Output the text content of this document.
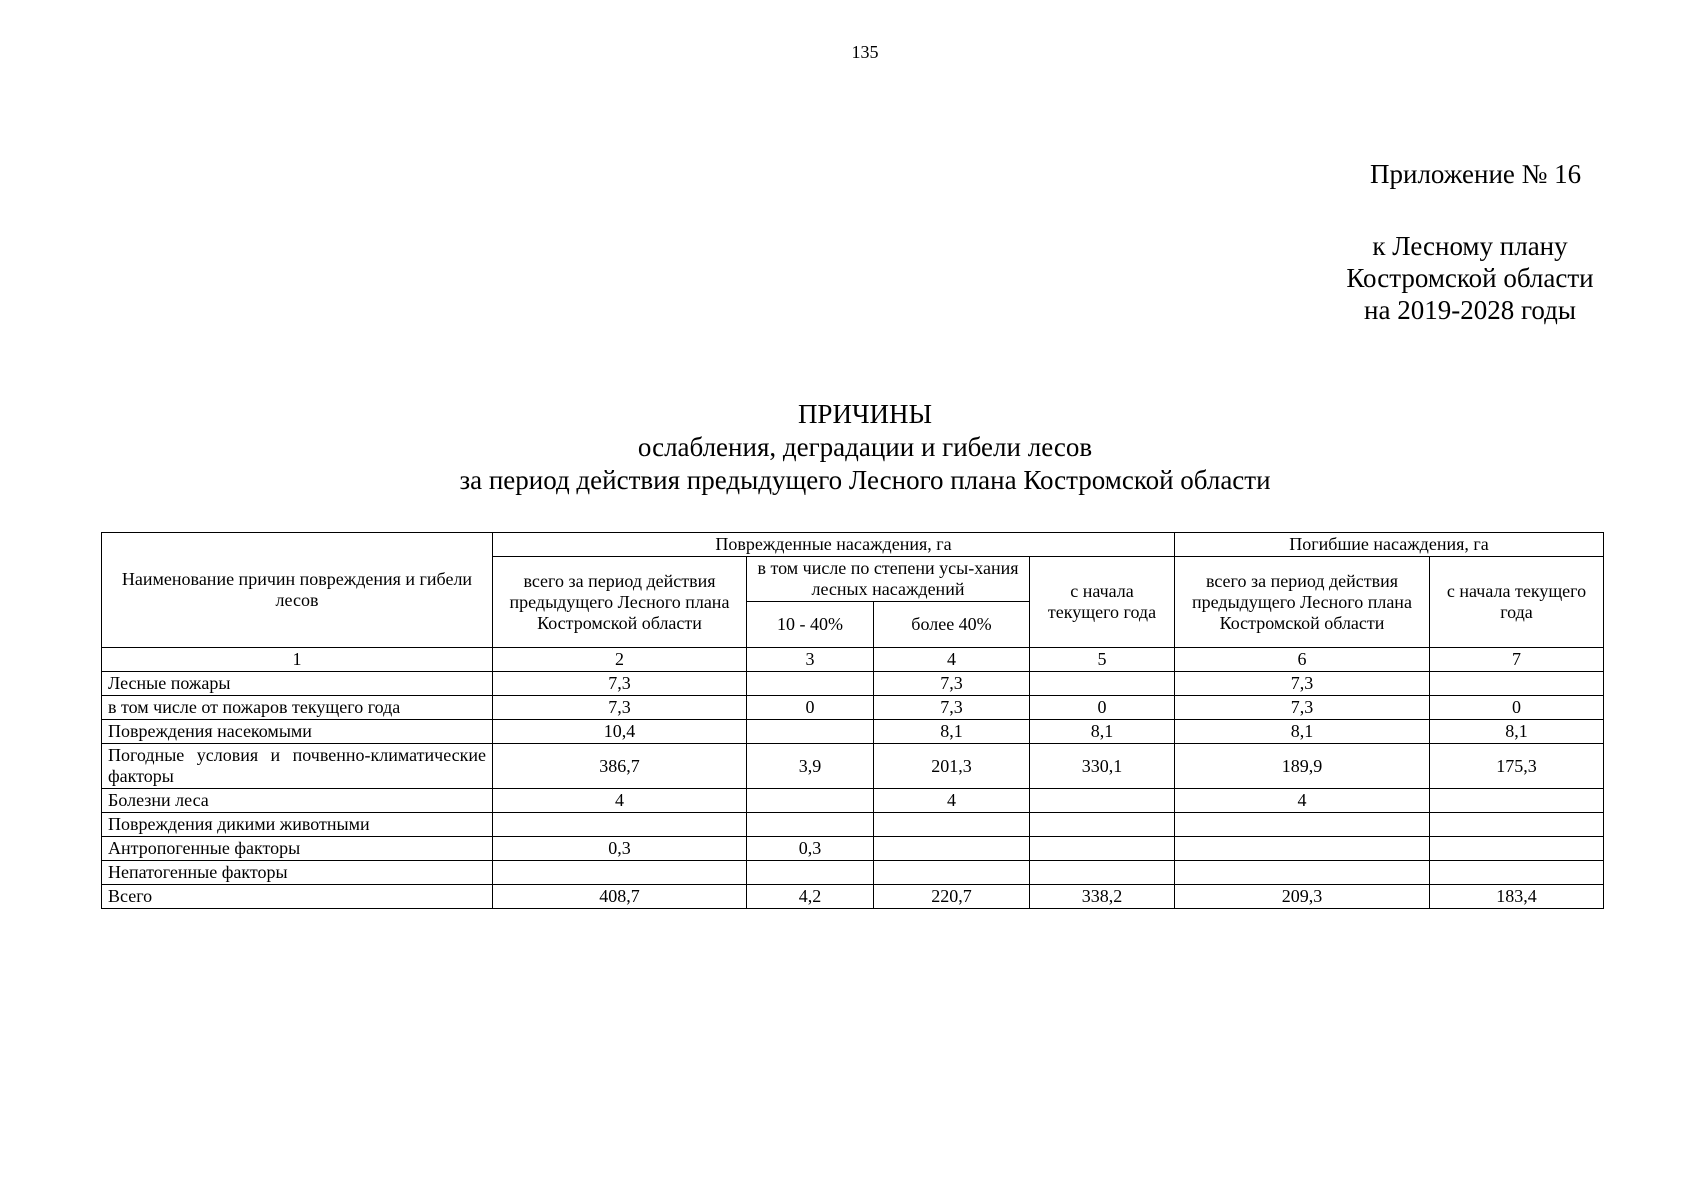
135
Приложение № 16
к Лесному плану
Костромской области
на 2019-2028 годы
ПРИЧИНЫ
ослабления, деградации и гибели лесов
за период действия предыдущего Лесного плана Костромской области
Наименование причин повреждения и гибели лесов	Поврежденные насаждения, га				Погибшие насаждения, га	
	всего за период действия предыдущего Лесного плана Костромской области	в том числе по степени усы-хания лесных насаждений		с начала текущего года	всего за период действия предыдущего Лесного плана Костромской области	с начала текущего года
		10 - 40%	более 40%			
1	2	3	4	5	6	7
Лесные пожары	7,3		7,3		7,3	
в том числе от пожаров текущего года	7,3	0	7,3	0	7,3	0
Повреждения насекомыми	10,4		8,1	8,1	8,1	8,1
Погодные условия и почвенно-климатические факторы	386,7	3,9	201,3	330,1	189,9	175,3
Болезни леса	4		4		4	
Повреждения дикими животными						
Антропогенные факторы	0,3	0,3				
Непатогенные факторы						
Всего	408,7	4,2	220,7	338,2	209,3	183,4
